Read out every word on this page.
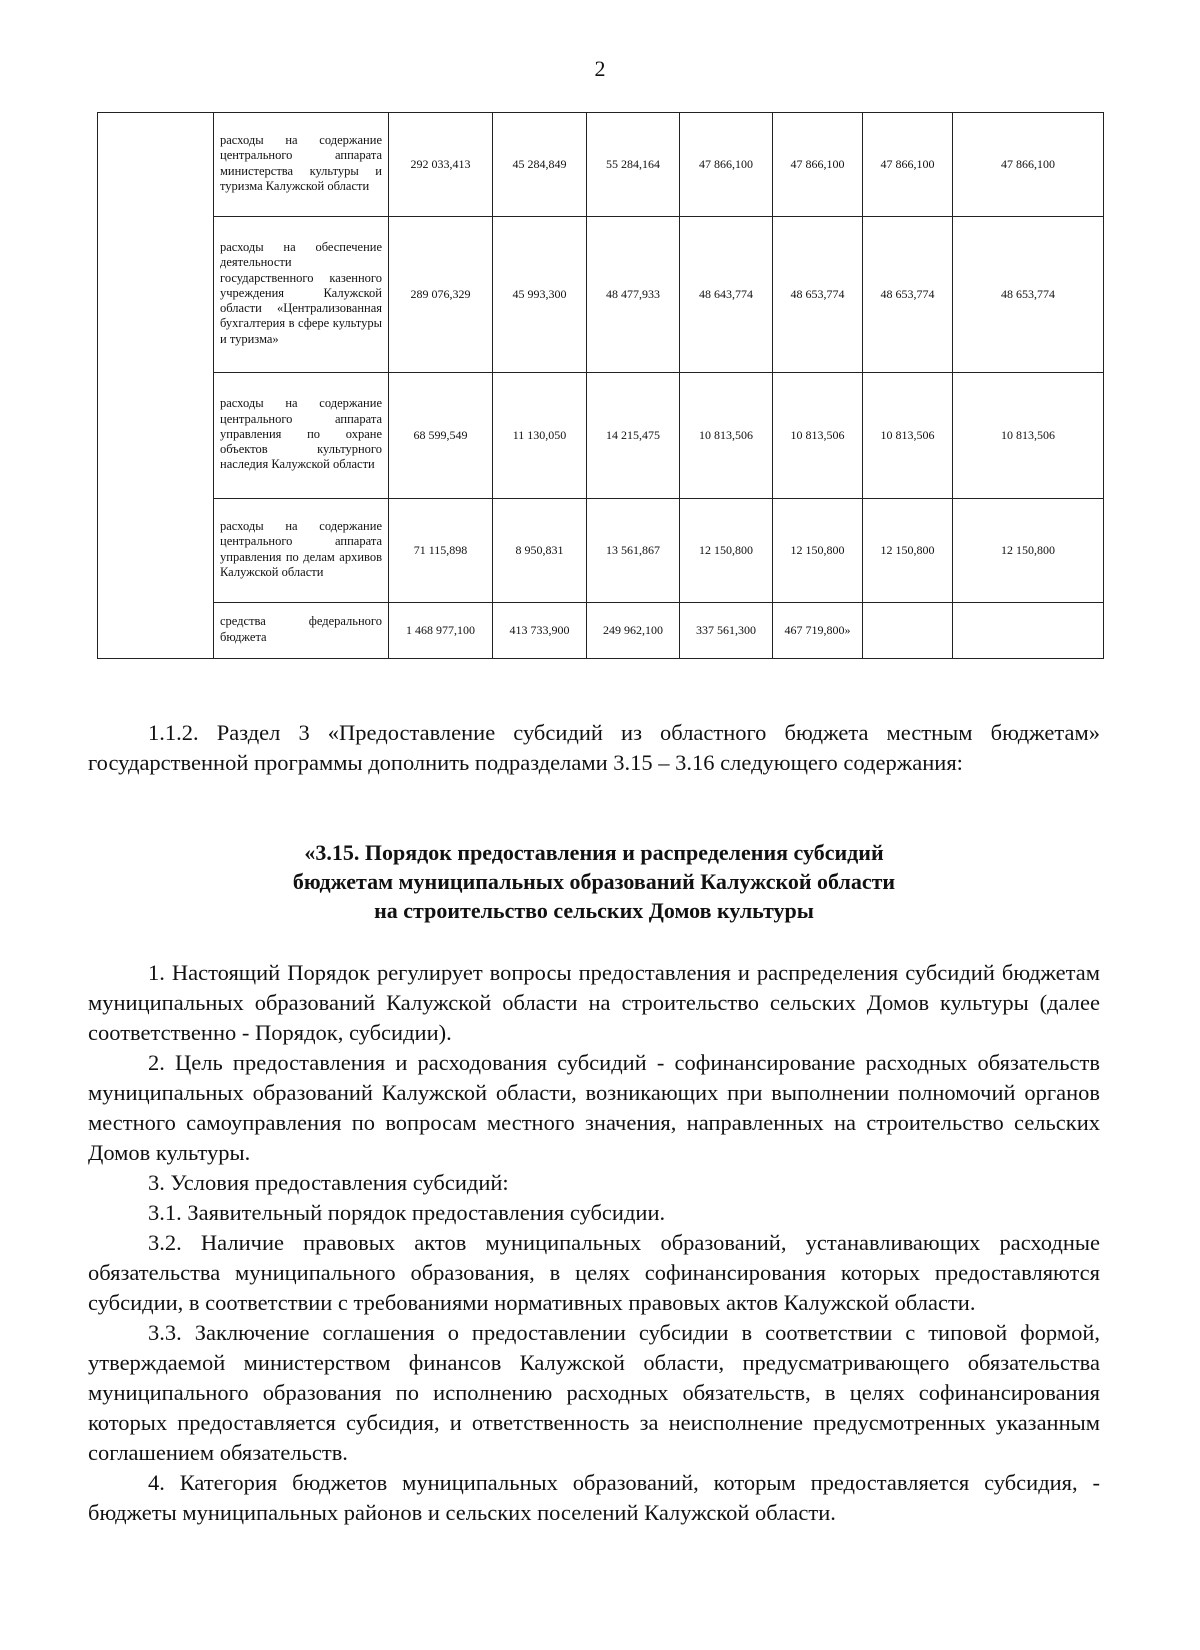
2
	расходы на содержание центрального аппарата министерства культуры и туризма Калужской области	292 033,413	45 284,849	55 284,164	47 866,100	47 866,100	47 866,100	47 866,100
	расходы на обеспечение деятельности государственного казенного учреждения Калужской области «Централизованная бухгалтерия в сфере культуры и туризма»	289 076,329	45 993,300	48 477,933	48 643,774	48 653,774	48 653,774	48 653,774
	расходы на содержание центрального аппарата управления по охране объектов культурного наследия Калужской области	68 599,549	11 130,050	14 215,475	10 813,506	10 813,506	10 813,506	10 813,506
	расходы на содержание центрального аппарата управления по делам архивов Калужской области	71 115,898	8 950,831	13 561,867	12 150,800	12 150,800	12 150,800	12 150,800
	средства федерального бюджета	1 468 977,100	413 733,900	249 962,100	337 561,300	467 719,800»		

1.1.2. Раздел 3 «Предоставление субсидий из областного бюджета местным бюджетам» государственной программы дополнить подразделами 3.15 – 3.16 следующего содержания:

«3.15. Порядок предоставления и распределения субсидий
бюджетам муниципальных образований Калужской области
на строительство сельских Домов культуры

1. Настоящий Порядок регулирует вопросы предоставления и распределения субсидий бюджетам муниципальных образований Калужской области на строительство сельских Домов культуры (далее соответственно - Порядок, субсидии).

2. Цель предоставления и расходования субсидий - софинансирование расходных обязательств муниципальных образований Калужской области, возникающих при выполнении полномочий органов местного самоуправления по вопросам местного значения, направленных на строительство сельских Домов культуры.

3. Условия предоставления субсидий:

3.1. Заявительный порядок предоставления субсидии.

3.2. Наличие правовых актов муниципальных образований, устанавливающих расходные обязательства муниципального образования, в целях софинансирования которых предоставляются субсидии, в соответствии с требованиями нормативных правовых актов Калужской области.

3.3. Заключение соглашения о предоставлении субсидии в соответствии с типовой формой, утверждаемой министерством финансов Калужской области, предусматривающего обязательства муниципального образования по исполнению расходных обязательств, в целях софинансирования которых предоставляется субсидия, и ответственность за неисполнение предусмотренных указанным соглашением обязательств.

4. Категория бюджетов муниципальных образований, которым предоставляется субсидия, - бюджеты муниципальных районов и сельских поселений Калужской области.
